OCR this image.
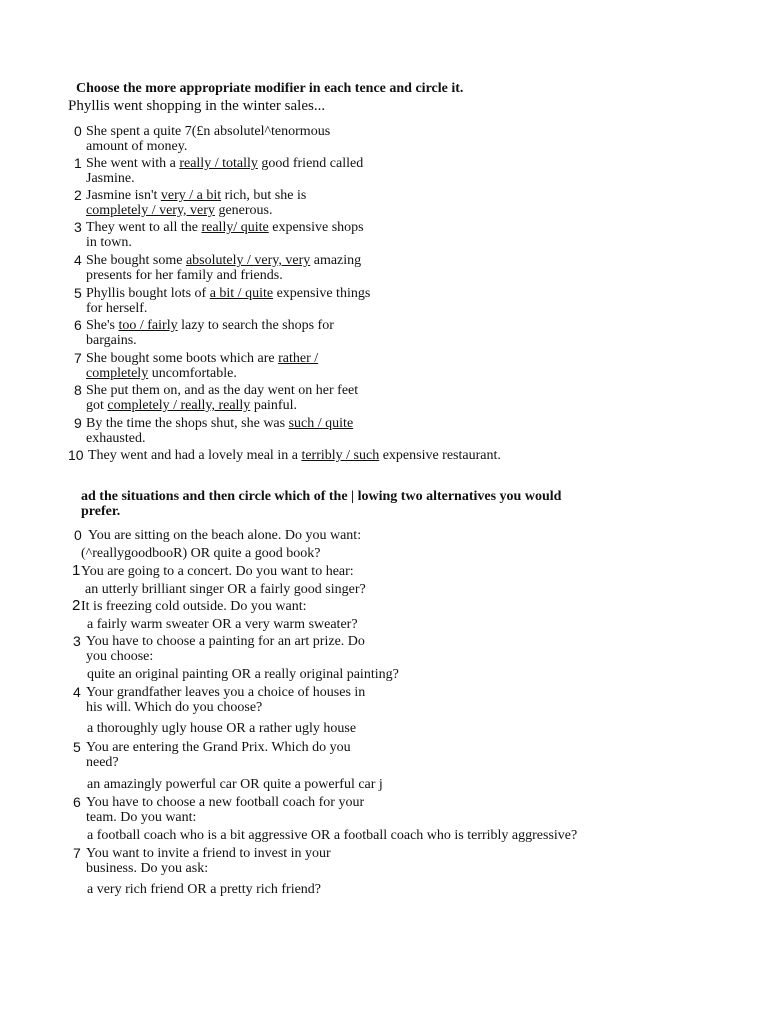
Choose the more appropriate modifier in each tence and circle it.
Phyllis went shopping in the winter sales...
0 She spent a quite 7(£n absolutel^tenormous
amount of money.
1 She went with a really / totally good friend called
Jasmine.
2 Jasmine isn't very / a bit rich, but she is
completely / very, very generous.
3 They went to all the really/ quite expensive shops
in town.
4 She bought some absolutely / very, very amazing
presents for her family and friends.
5 Phyllis bought lots of a bit / quite expensive things
for herself.
6 She's too / fairly lazy to search the shops for
bargains.
7 She bought some boots which are rather /
completely uncomfortable.
8 She put them on, and as the day went on her feet
got completely / really, really painful.
9 By the time the shops shut, she was such / quite
exhausted.
10 They went and had a lovely meal in a terribly / such expensive restaurant.
ad the situations and then circle which of the | lowing two alternatives you would
prefer.
0 You are sitting on the beach alone. Do you want:
(^reallygoodbooR) OR quite a good book?
1 You are going to a concert. Do you want to hear:
an utterly brilliant singer OR a fairly good singer?
2 It is freezing cold outside. Do you want:
a fairly warm sweater OR a very warm sweater?
3 You have to choose a painting for an art prize. Do
you choose:
quite an original painting OR a really original painting?
4 Your grandfather leaves you a choice of houses in
his will. Which do you choose?
a thoroughly ugly house OR a rather ugly house
5 You are entering the Grand Prix. Which do you
need?
an amazingly powerful car OR quite a powerful car j
6 You have to choose a new football coach for your
team. Do you want:
a football coach who is a bit aggressive OR a football coach who is terribly aggressive?
7 You want to invite a friend to invest in your
business. Do you ask:
a very rich friend OR a pretty rich friend?
